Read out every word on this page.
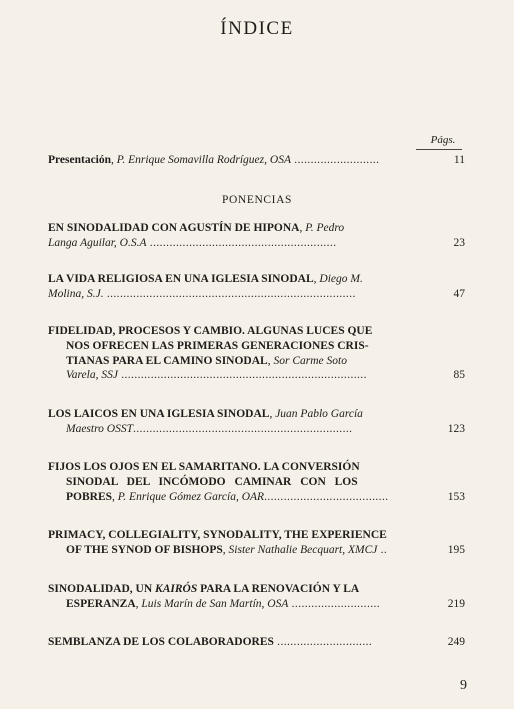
ÍNDICE
Págs.
Presentación, P. Enrique Somavilla Rodríguez, OSA ..........................	11
PONENCIAS
EN SINODALIDAD CON AGUSTÍN DE HIPONA, P. Pedro
Langa Aguilar, O.S.A .........................................................	23
LA VIDA RELIGIOSA EN UNA IGLESIA SINODAL, Diego M.
Molina, S.J. ............................................................................	47
FIDELIDAD, PROCESOS Y CAMBIO. ALGUNAS LUCES QUE
NOS OFRECEN LAS PRIMERAS GENERACIONES CRIS-
TIANAS PARA EL CAMINO SINODAL, Sor Carme Soto
Varela, SSJ ...........................................................................	85
LOS LAICOS EN UNA IGLESIA SINODAL, Juan Pablo García
Maestro OSST...................................................................	123
FIJOS LOS OJOS EN EL SAMARITANO. LA CONVERSIÓN
SINODAL DEL INCÓMODO CAMINAR CON LOS
POBRES, P. Enrique Gómez García, OAR......................................	153
PRIMACY, COLLEGIALITY, SYNODALITY, THE EXPERIENCE
OF THE SYNOD OF BISHOPS, Sister Nathalie Becquart, XMCJ ..	195
SINODALIDAD, UN KAIRÓS PARA LA RENOVACIÓN Y LA
ESPERANZA, Luis Marín de San Martín, OSA ...........................	219
SEMBLANZA DE LOS COLABORADORES .............................	249
9
